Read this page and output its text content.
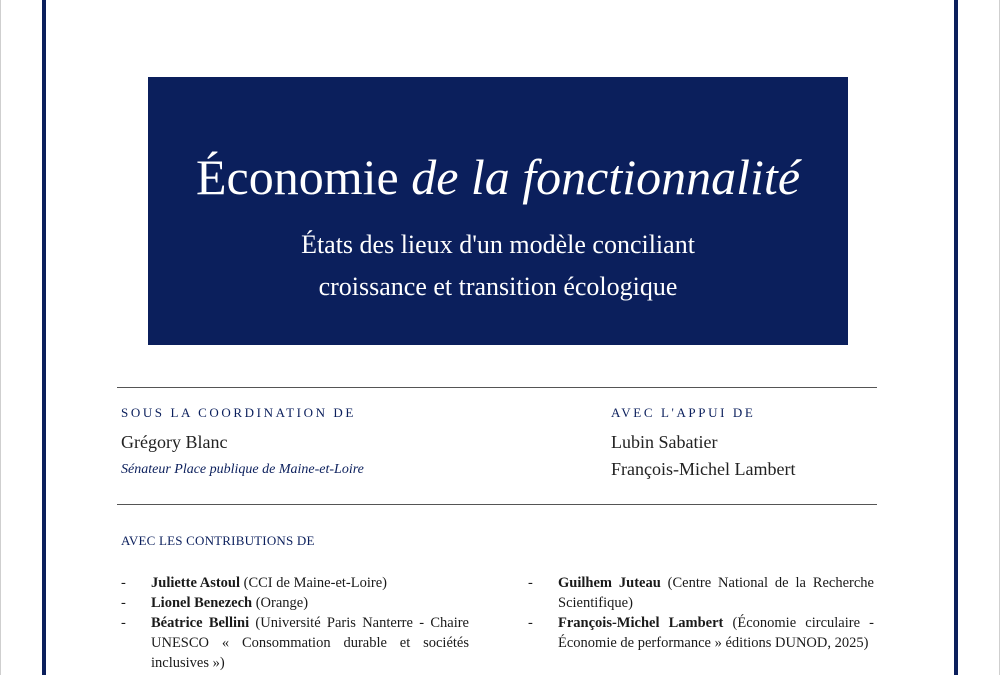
Économie de la fonctionnalité
États des lieux d'un modèle conciliant
croissance et transition écologique
SOUS LA COORDINATION DE
Grégory Blanc
Sénateur Place publique de Maine-et-Loire
AVEC L'APPUI DE
Lubin Sabatier
François-Michel Lambert
AVEC LES CONTRIBUTIONS DE
- Juliette Astoul (CCI de Maine-et-Loire)
- Lionel Benezech (Orange)
- Béatrice Bellini (Université Paris Nanterre - Chaire UNESCO « Consommation durable et sociétés inclusives »)
- Guilhem Juteau (Centre National de la Recherche Scientifique)
- François-Michel Lambert (Économie circulaire - Économie de performance » éditions DUNOD, 2025)
